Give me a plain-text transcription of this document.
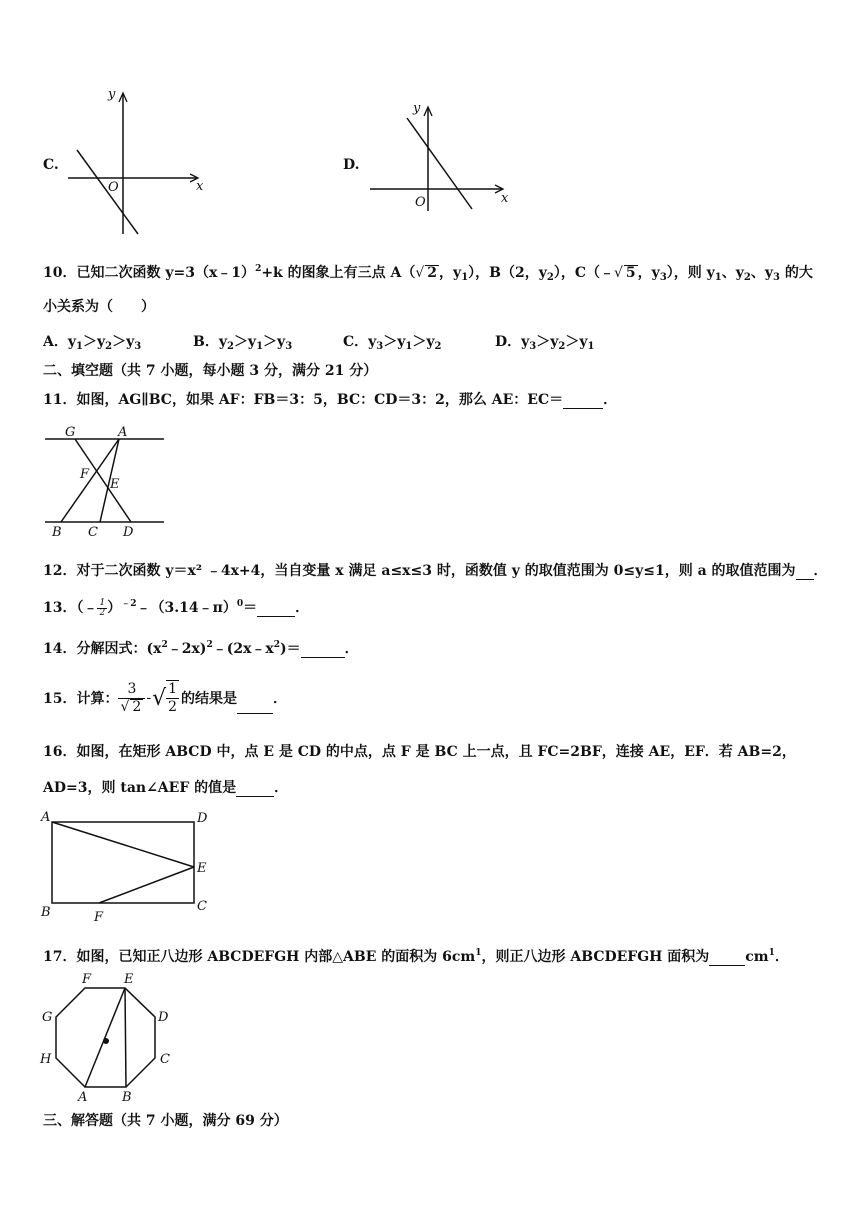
C.
x
y
O
x
y
O
D.
10．已知二次函数 y=3（x﹣1）$^2$+k 的图象上有三点 A（√ 2 ，$y_1$），B（2，$y_2$），C（﹣√ 5 ，$y_3$），则 $y_1$、$y_2$、$y_3$ 的大
小关系为（　　）
A．$y_1>y_2>y_3$	B．$y_2>y_1>y_3$	C．$y_3>y_1>y_2$	D．$y_3>y_2>y_1$
二、填空题（共 7 小题，每小题 3 分，满分 21 分）
11．如图，AG∥BC，如果 AF：FB＝3：5，BC：CD＝3：2，那么 AE：EC＝	．
G	A
F
E
B C D
12．对于二次函数 y＝x² ﹣4x+4，当自变量 x 满足 a≤x≤3 时，函数值 y 的取值范围为 0≤y≤1，则 a 的取值范围为 ．
13．（﹣ $\frac{1}{2}$ ）$^{﹣2}$﹣（3.14﹣π）$^0$＝	．
14．分解因式：$(x^2﹣2x)^2﹣(2x﹣x^2)=$	．
15．计算： $\frac{3}{√ 2}$ - √ $\frac{1}{2}$ 的结果是
	．
16．如图，在矩形 ABCD 中，点 E 是 CD 的中点，点 F 是 BC 上一点，且 FC=2BF，连接 AE，EF．若 AB=2，
AD=3，则 tan∠AEF 的值是	．
A	D
E
B	F
C
17．如图，已知正八边形 ABCDEFGH 内部△ABE 的面积为 $6cm^1$，则正八边形 ABCDEFGH 面积为	$cm^1$．
F	E
G	D
H	C
A	B
三、解答题（共 7 小题，满分 69 分）
